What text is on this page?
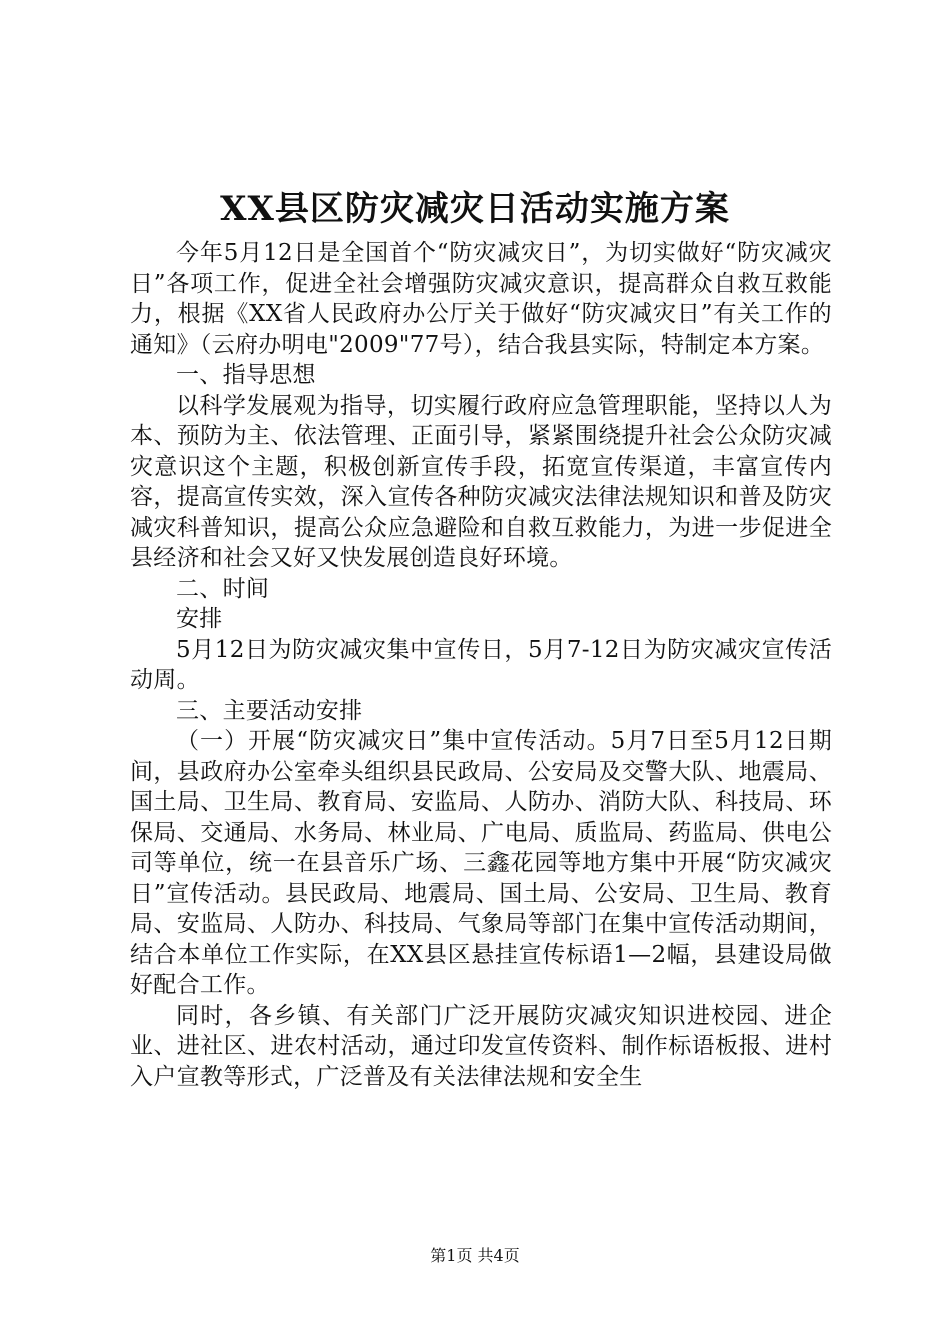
XX县区防灾减灾日活动实施方案

今年5月12日是全国首个“防灾减灾日”，为切实做好“防灾减灾日”各项工作，促进全社会增强防灾减灾意识，提高群众自救互救能力，根据《XX省人民政府办公厅关于做好“防灾减灾日”有关工作的通知》（云府办明电"2009"77号），结合我县实际，特制定本方案。

一、指导思想

以科学发展观为指导，切实履行政府应急管理职能，坚持以人为本、预防为主、依法管理、正面引导，紧紧围绕提升社会公众防灾减灾意识这个主题，积极创新宣传手段，拓宽宣传渠道，丰富宣传内容，提高宣传实效，深入宣传各种防灾减灾法律法规知识和普及防灾减灾科普知识，提高公众应急避险和自救互救能力，为进一步促进全县经济和社会又好又快发展创造良好环境。

二、时间

安排

5月12日为防灾减灾集中宣传日，5月7-12日为防灾减灾宣传活动周。

三、主要活动安排

（一）开展“防灾减灾日”集中宣传活动。5月7日至5月12日期间，县政府办公室牵头组织县民政局、公安局及交警大队、地震局、国土局、卫生局、教育局、安监局、人防办、消防大队、科技局、环保局、交通局、水务局、林业局、广电局、质监局、药监局、供电公司等单位，统一在县音乐广场、三鑫花园等地方集中开展“防灾减灾日”宣传活动。县民政局、地震局、国土局、公安局、卫生局、教育局、安监局、人防办、科技局、气象局等部门在集中宣传活动期间，结合本单位工作实际，在XX县区悬挂宣传标语1—2幅，县建设局做好配合工作。

同时，各乡镇、有关部门广泛开展防灾减灾知识进校园、进企业、进社区、进农村活动，通过印发宣传资料、制作标语板报、进村入户宣教等形式，广泛普及有关法律法规和安全生

第1页 共4页
